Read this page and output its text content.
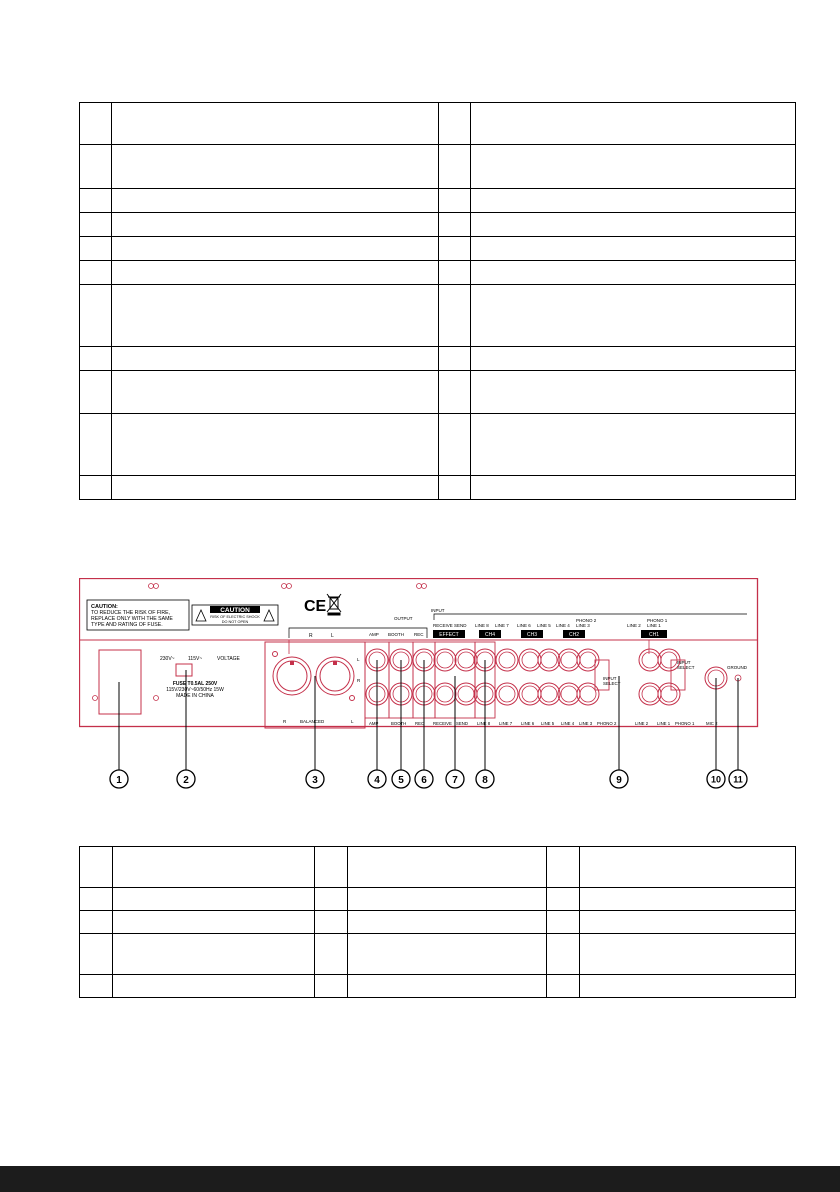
CAUTION:
TO REDUCE THE RISK OF FIRE,
REPLACE ONLY WITH THE SAME
TYPE AND RATING OF FUSE.
CAUTION
RISK OF ELECTRIC SHOCK
DO NOT OPEN
CE	INPUT
OUTPUT
R	L	AMP BOOTH REC
RECEIVE SEND
EFFECT
LINE 8 LINE 7
CH4
LINE 6 LINE 5
CH3
LINE 4
PHONO 2
LINE 3
CH2
LINE 2
PHONO 1
LINE 1
CH1
230V~	115V~	VOLTAGE
FUSE T0.5AL 250V
115V/230V~60/50Hz 15W
MADE IN CHINA
R	BALANCED	L
L
R	INPUT
SELECT
INPUT
SELECT
AMP	BOOTH REC RECEIVE SEND LINE 8 LINE 7 LINE 6 LINE 5 LINE 4 LINE 3 PHONO 2	LINE 2 LINE 1 PHONO 1	MIC 2
GROUND
1	2	3	4 5 6	7 8	9	10 11
